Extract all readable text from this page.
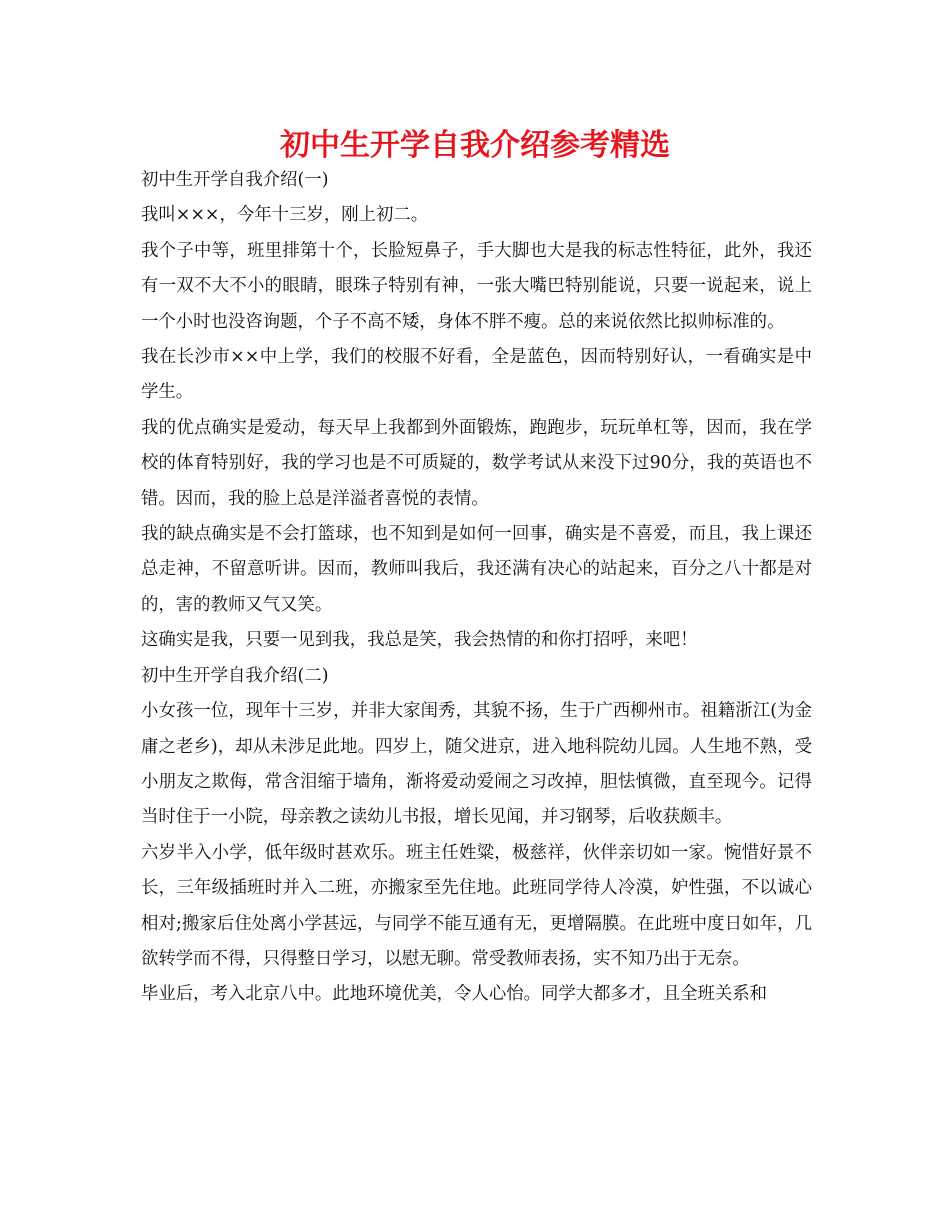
初中生开学自我介绍参考精选

初中生开学自我介绍(一)

我叫×××，今年十三岁，刚上初二。

我个子中等，班里排第十个，长脸短鼻子，手大脚也大是我的标志性特征，此外，我还有一双不大不小的眼睛，眼珠子特别有神，一张大嘴巴特别能说，只要一说起来，说上一个小时也没咨询题，个子不高不矮，身体不胖不瘦。总的来说依然比拟帅标准的。

我在长沙市××中上学，我们的校服不好看，全是蓝色，因而特别好认，一看确实是中学生。

我的优点确实是爱动，每天早上我都到外面锻炼，跑跑步，玩玩单杠等，因而，我在学校的体育特别好，我的学习也是不可质疑的，数学考试从来没下过90分，我的英语也不错。因而，我的脸上总是洋溢者喜悦的表情。

我的缺点确实是不会打篮球，也不知到是如何一回事，确实是不喜爱，而且，我上课还总走神，不留意听讲。因而，教师叫我后，我还满有决心的站起来，百分之八十都是对的，害的教师又气又笑。

这确实是我，只要一见到我，我总是笑，我会热情的和你打招呼，来吧！

初中生开学自我介绍(二)

小女孩一位，现年十三岁，并非大家闺秀，其貌不扬，生于广西柳州市。祖籍浙江(为金庸之老乡)，却从未涉足此地。四岁上，随父进京，进入地科院幼儿园。人生地不熟，受小朋友之欺侮，常含泪缩于墙角，渐将爱动爱闹之习改掉，胆怯慎微，直至现今。记得当时住于一小院，母亲教之读幼儿书报，增长见闻，并习钢琴，后收获颇丰。

六岁半入小学，低年级时甚欢乐。班主任姓粱，极慈祥，伙伴亲切如一家。惋惜好景不长，三年级插班时并入二班，亦搬家至先住地。此班同学待人冷漠，妒性强，不以诚心相对;搬家后住处离小学甚远，与同学不能互通有无，更增隔膜。在此班中度日如年，几欲转学而不得，只得整日学习，以慰无聊。常受教师表扬，实不知乃出于无奈。

毕业后，考入北京八中。此地环境优美，令人心怡。同学大都多才，且全班关系和
